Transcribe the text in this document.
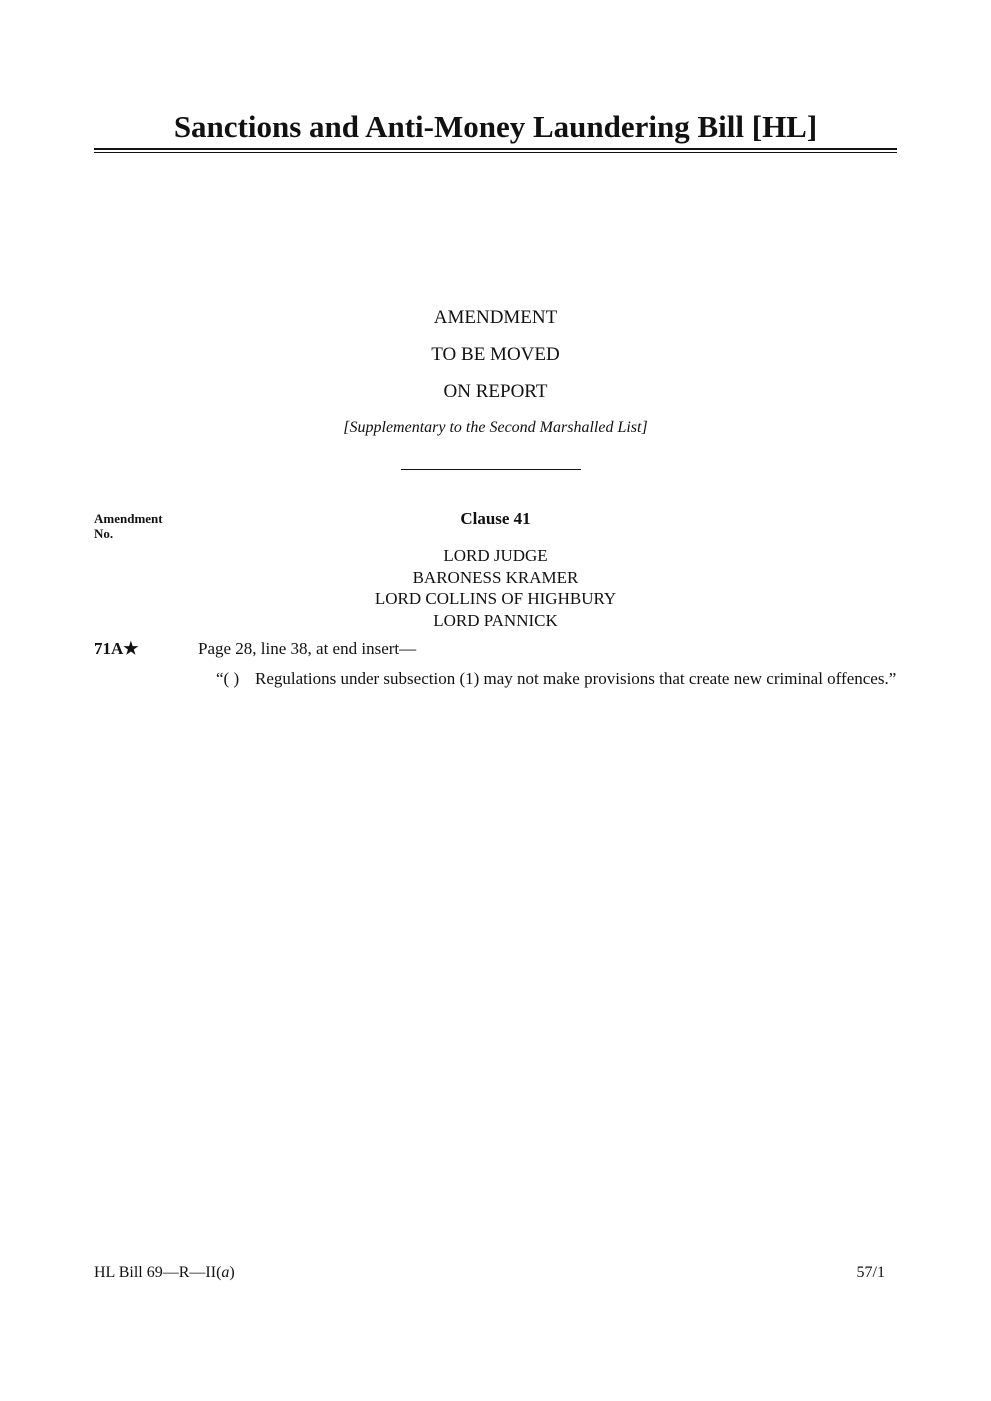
Sanctions and Anti-Money Laundering Bill [HL]
AMENDMENT
TO BE MOVED
ON REPORT
[Supplementary to the Second Marshalled List]
Amendment
No.
Clause 41
LORD JUDGE
BARONESS KRAMER
LORD COLLINS OF HIGHBURY
LORD PANNICK
71A★	Page 28, line 38, at end insert—
“( ) Regulations under subsection (1) may not make provisions that create new criminal offences.”
HL Bill 69—R—II(a)	57/1
